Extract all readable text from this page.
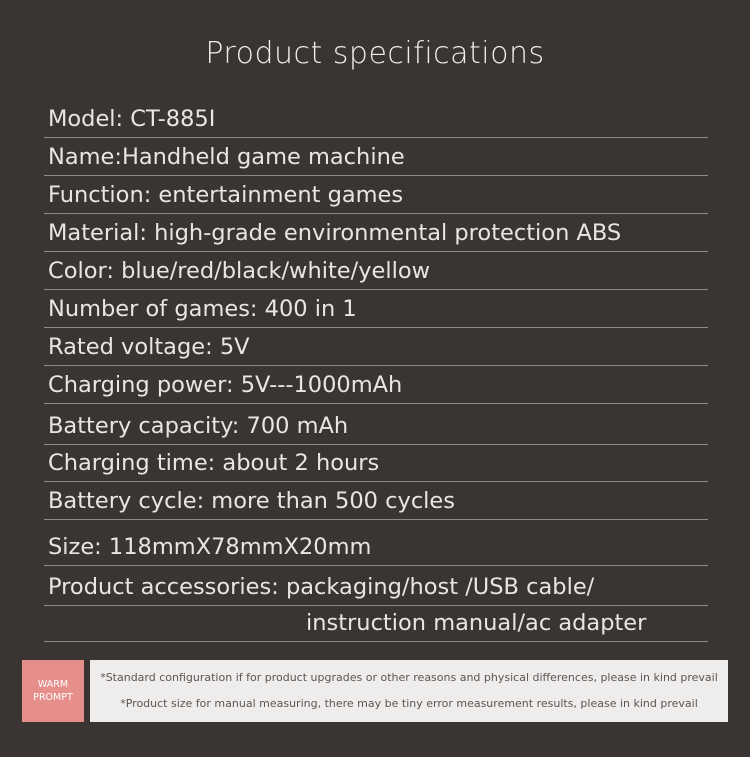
Product specifications
Model: CT-885I
Name:Handheld game machine
Function: entertainment games
Material: high-grade environmental protection ABS
Color: blue/red/black/white/yellow
Number of games: 400 in 1
Rated voltage: 5V
Charging power: 5V---1000mAh
Battery capacity: 700 mAh
Charging time: about 2 hours
Battery cycle: more than 500 cycles
Size: 118mmX78mmX20mm
Product accessories: packaging/host /USB cable/
instruction manual/ac adapter
WARM
PROMPT
*Standard configuration if for product upgrades or other reasons and physical differences, please in kind prevail
*Product size for manual measuring, there may be tiny error measurement results, please in kind prevail
